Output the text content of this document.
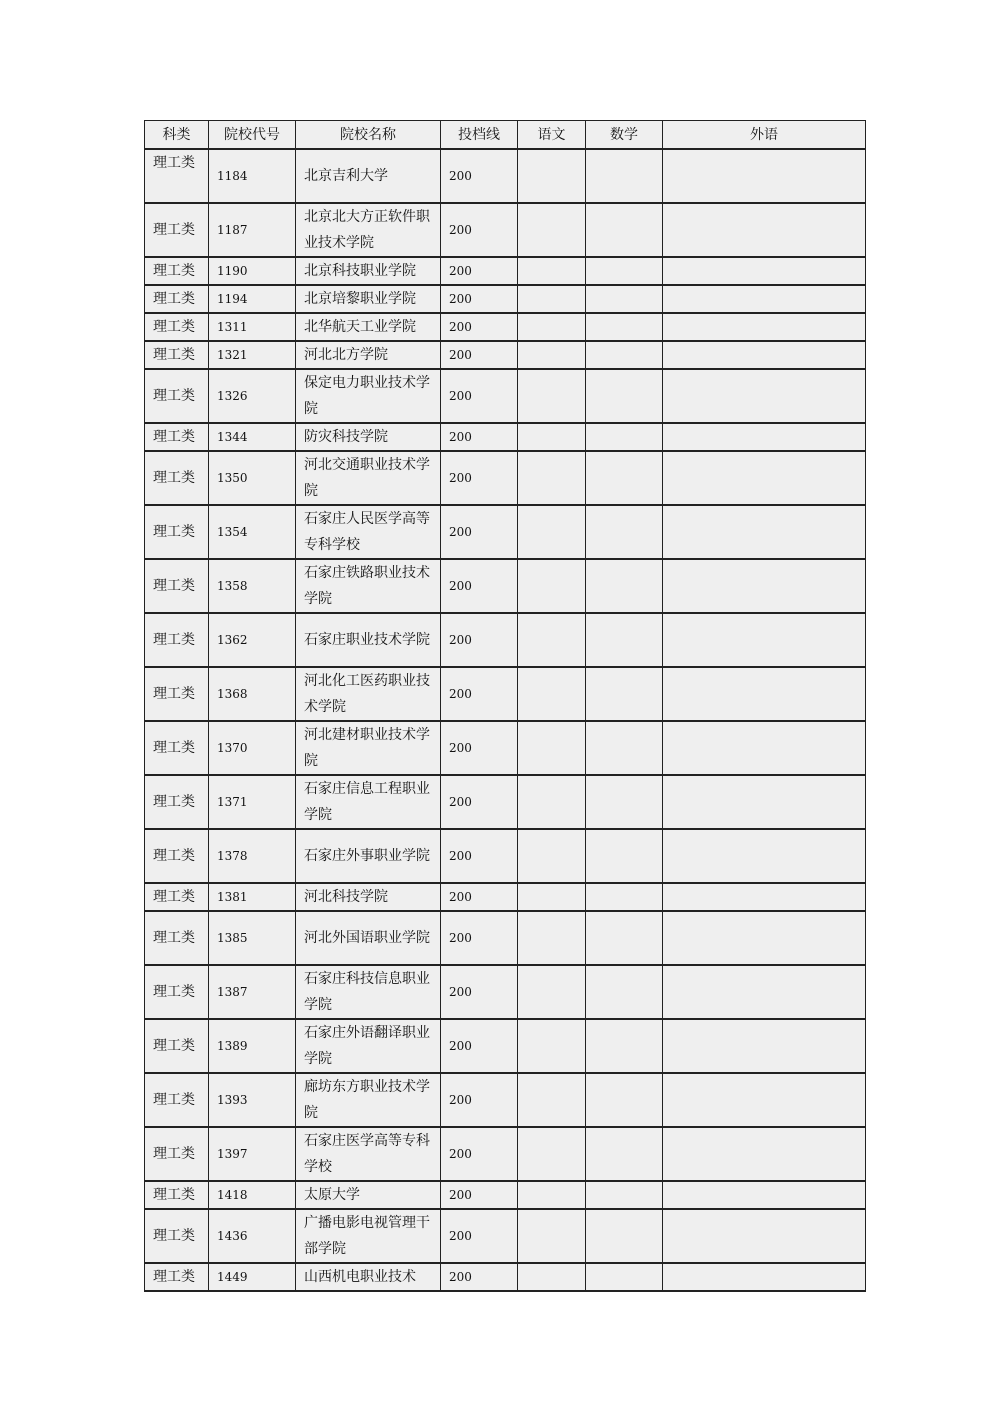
科类	院校代号	院校名称	投档线	语文	数学	外语
理工类	1184	北京吉利大学	200			
理工类	1187	北京北大方正软件职业技术学院	200			
理工类	1190	北京科技职业学院	200			
理工类	1194	北京培黎职业学院	200			
理工类	1311	北华航天工业学院	200			
理工类	1321	河北北方学院	200			
理工类	1326	保定电力职业技术学院	200			
理工类	1344	防灾科技学院	200			
理工类	1350	河北交通职业技术学院	200			
理工类	1354	石家庄人民医学高等专科学校	200			
理工类	1358	石家庄铁路职业技术学院	200			
理工类	1362	石家庄职业技术学院	200			
理工类	1368	河北化工医药职业技术学院	200			
理工类	1370	河北建材职业技术学院	200			
理工类	1371	石家庄信息工程职业学院	200			
理工类	1378	石家庄外事职业学院	200			
理工类	1381	河北科技学院	200			
理工类	1385	河北外国语职业学院	200			
理工类	1387	石家庄科技信息职业学院	200			
理工类	1389	石家庄外语翻译职业学院	200			
理工类	1393	廊坊东方职业技术学院	200			
理工类	1397	石家庄医学高等专科学校	200			
理工类	1418	太原大学	200			
理工类	1436	广播电影电视管理干部学院	200			
理工类	1449	山西机电职业技术	200			
